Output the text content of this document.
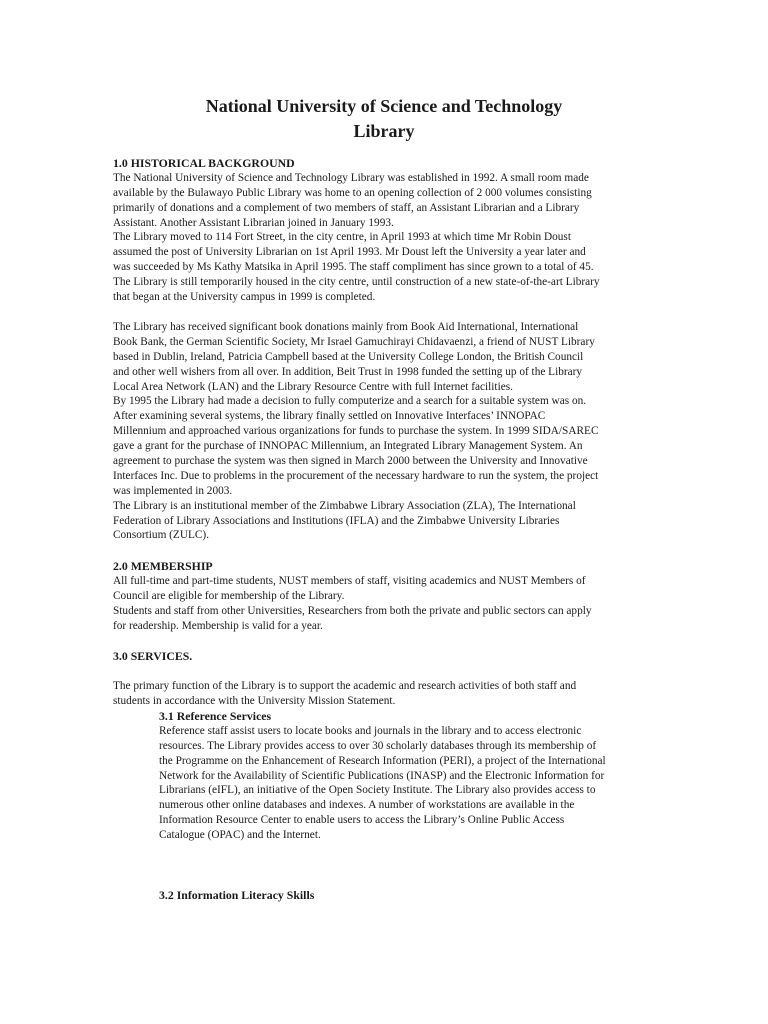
National University of Science and Technology
Library
1.0 HISTORICAL BACKGROUND
The National University of Science and Technology Library was established in 1992. A small room made
available by the Bulawayo Public Library was home to an opening collection of 2 000 volumes consisting
primarily of donations and a complement of two members of staff, an Assistant Librarian and a Library
Assistant. Another Assistant Librarian joined in January 1993.
The Library moved to 114 Fort Street, in the city centre, in April 1993 at which time Mr Robin Doust
assumed the post of University Librarian on 1st April 1993. Mr Doust left the University a year later and
was succeeded by Ms Kathy Matsika in April 1995. The staff compliment has since grown to a total of 45.
The Library is still temporarily housed in the city centre, until construction of a new state-of-the-art Library
that began at the University campus in 1999 is completed.
The Library has received significant book donations mainly from Book Aid International, International
Book Bank, the German Scientific Society, Mr Israel Gamuchirayi Chidavaenzi, a friend of NUST Library
based in Dublin, Ireland, Patricia Campbell based at the University College London, the British Council
and other well wishers from all over. In addition, Beit Trust in 1998 funded the setting up of the Library
Local Area Network (LAN) and the Library Resource Centre with full Internet facilities.
By 1995 the Library had made a decision to fully computerize and a search for a suitable system was on.
After examining several systems, the library finally settled on Innovative Interfaces’ INNOPAC
Millennium and approached various organizations for funds to purchase the system. In 1999 SIDA/SAREC
gave a grant for the purchase of INNOPAC Millennium, an Integrated Library Management System. An
agreement to purchase the system was then signed in March 2000 between the University and Innovative
Interfaces Inc. Due to problems in the procurement of the necessary hardware to run the system, the project
was implemented in 2003.
The Library is an institutional member of the Zimbabwe Library Association (ZLA), The International
Federation of Library Associations and Institutions (IFLA) and the Zimbabwe University Libraries
Consortium (ZULC).
2.0 MEMBERSHIP
All full-time and part-time students, NUST members of staff, visiting academics and NUST Members of
Council are eligible for membership of the Library.
Students and staff from other Universities, Researchers from both the private and public sectors can apply
for readership. Membership is valid for a year.
3.0 SERVICES.
The primary function of the Library is to support the academic and research activities of both staff and
students in accordance with the University Mission Statement.
3.1 Reference Services
Reference staff assist users to locate books and journals in the library and to access electronic
resources. The Library provides access to over 30 scholarly databases through its membership of
the Programme on the Enhancement of Research Information (PERI), a project of the International
Network for the Availability of Scientific Publications (INASP) and the Electronic Information for
Librarians (eIFL), an initiative of the Open Society Institute. The Library also provides access to
numerous other online databases and indexes. A number of workstations are available in the
Information Resource Center to enable users to access the Library’s Online Public Access
Catalogue (OPAC) and the Internet.
3.2 Information Literacy Skills
